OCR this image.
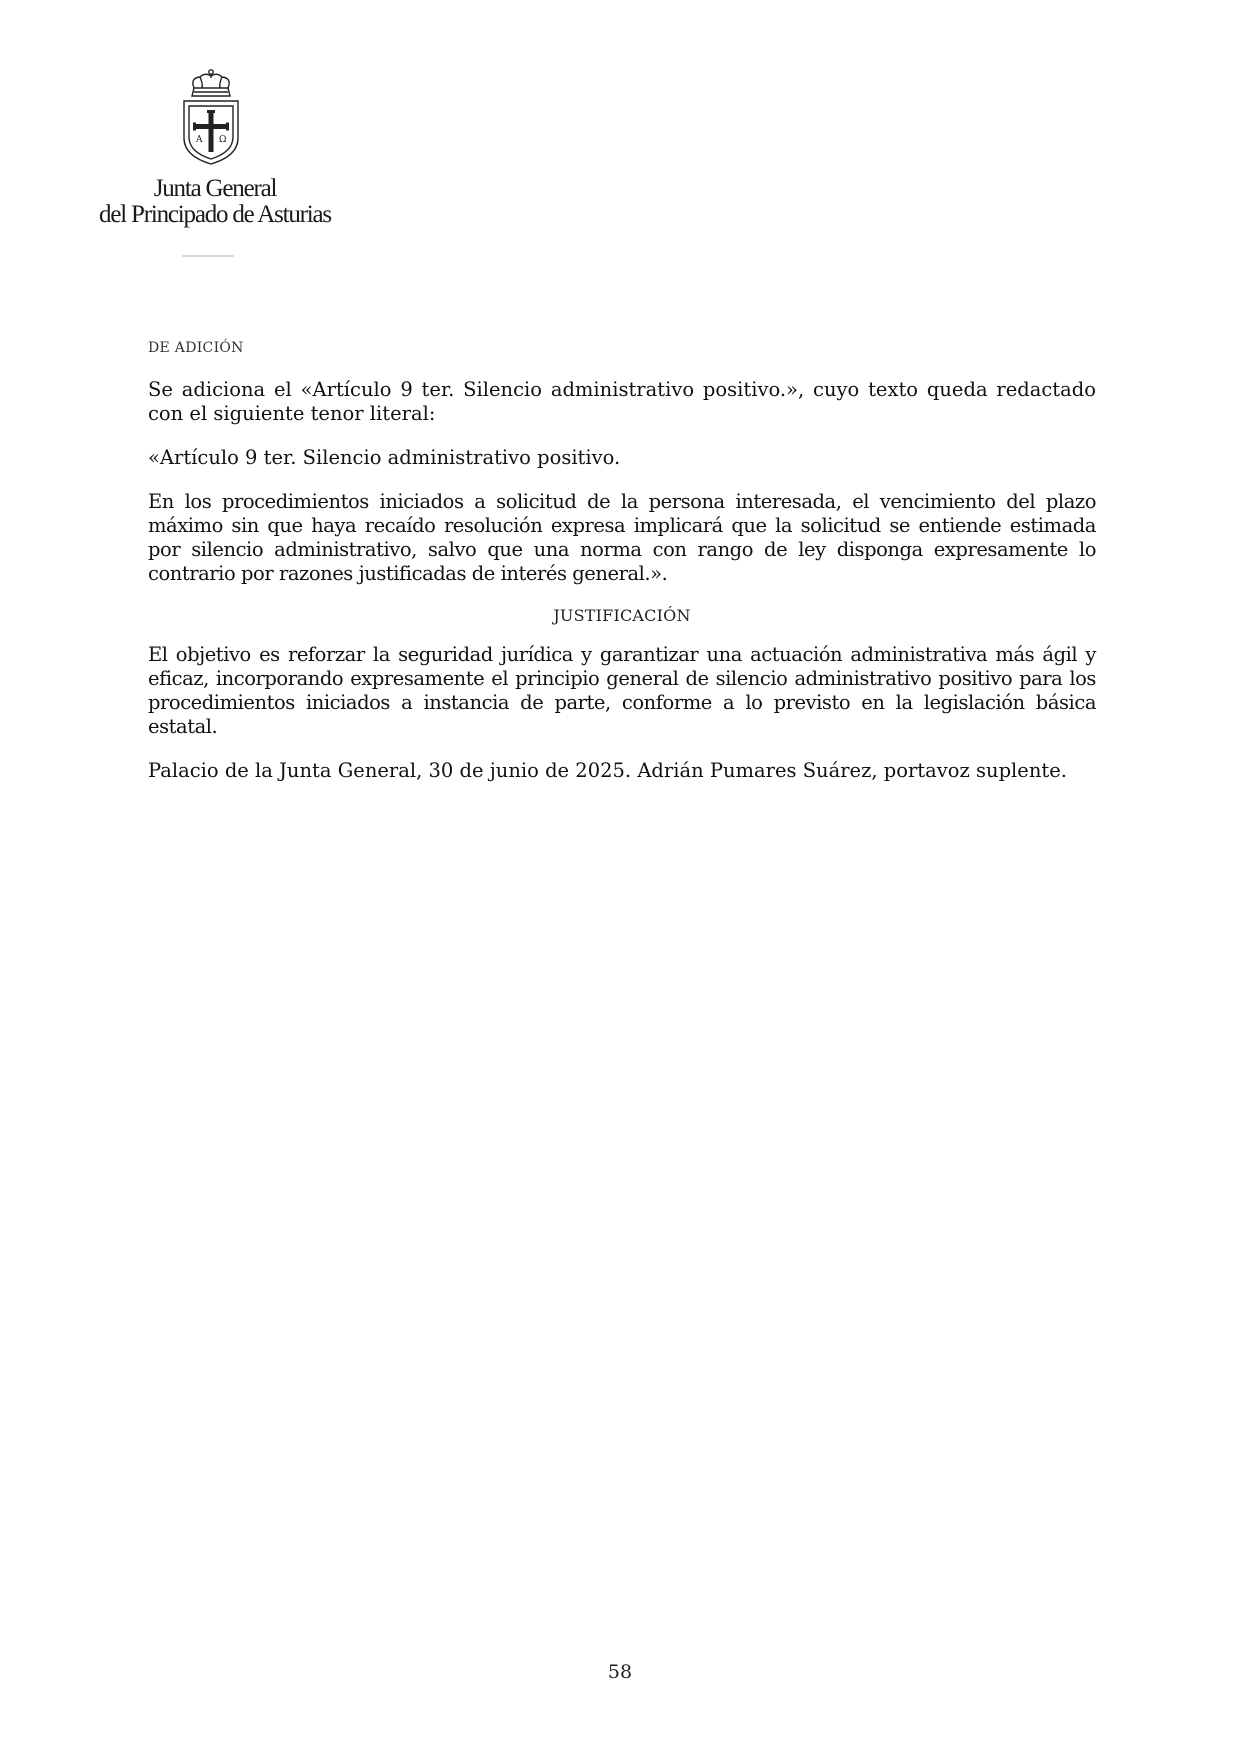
A Ω
Junta General
del Principado de Asturias
DE ADICIÓN

Se adiciona el «Artículo 9 ter. Silencio administrativo positivo.», cuyo texto queda redactado con el siguiente tenor literal:

«Artículo 9 ter. Silencio administrativo positivo.

En los procedimientos iniciados a solicitud de la persona interesada, el vencimiento del plazo máximo sin que haya recaído resolución expresa implicará que la solicitud se entiende estimada por silencio administrativo, salvo que una norma con rango de ley disponga expresamente lo contrario por razones justificadas de interés general.».

JUSTIFICACIÓN

El objetivo es reforzar la seguridad jurídica y garantizar una actuación administrativa más ágil y eficaz, incorporando expresamente el principio general de silencio administrativo positivo para los procedimientos iniciados a instancia de parte, conforme a lo previsto en la legislación básica estatal.

Palacio de la Junta General, 30 de junio de 2025. Adrián Pumares Suárez, portavoz suplente.

58
